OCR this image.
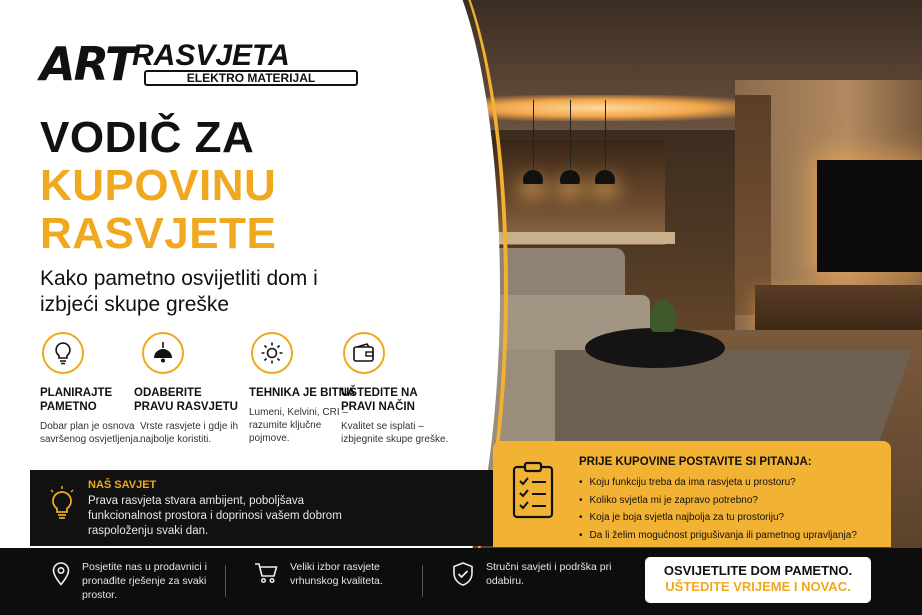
ART
RASVJETA
ELEKTRO MATERIJAL
VODIČ ZA
KUPOVINU
RASVJETE
Kako pametno osvijetliti dom i izbjeći skupe greške
PLANIRAJTE PAMETNO
Dobar plan je osnova savršenog osvjetljenja.
ODABERITE PRAVU RASVJETU
Vrste rasvjete i gdje ih najbolje koristiti.
TEHNIKA JE BITNA
Lumeni, Kelvini, CRI – razumite ključne pojmove.
UŠTEDITE NA PRAVI NAČIN
Kvalitet se isplati – izbjegnite skupe greške.
NAŠ SAVJET
Prava rasvjeta stvara ambijent, poboljšava funkcionalnost prostora i doprinosi vašem dobrom raspoloženju svaki dan.
PRIJE KUPOVINE POSTAVITE SI PITANJA:
• Koju funkciju treba da ima rasvjeta u prostoru?
• Koliko svjetla mi je zapravo potrebno?
• Koja je boja svjetla najbolja za tu prostoriju?
• Da li želim mogućnost prigušivanja ili pametnog upravljanja?
Posjetite nas u prodavnici i pronađite rješenje za svaki prostor.
Veliki izbor rasvjete vrhunskog kvaliteta.
Stručni savjeti i podrška pri odabiru.
OSVIJETLITE DOM PAMETNO.
UŠTEDITE VRIJEME I NOVAC.
